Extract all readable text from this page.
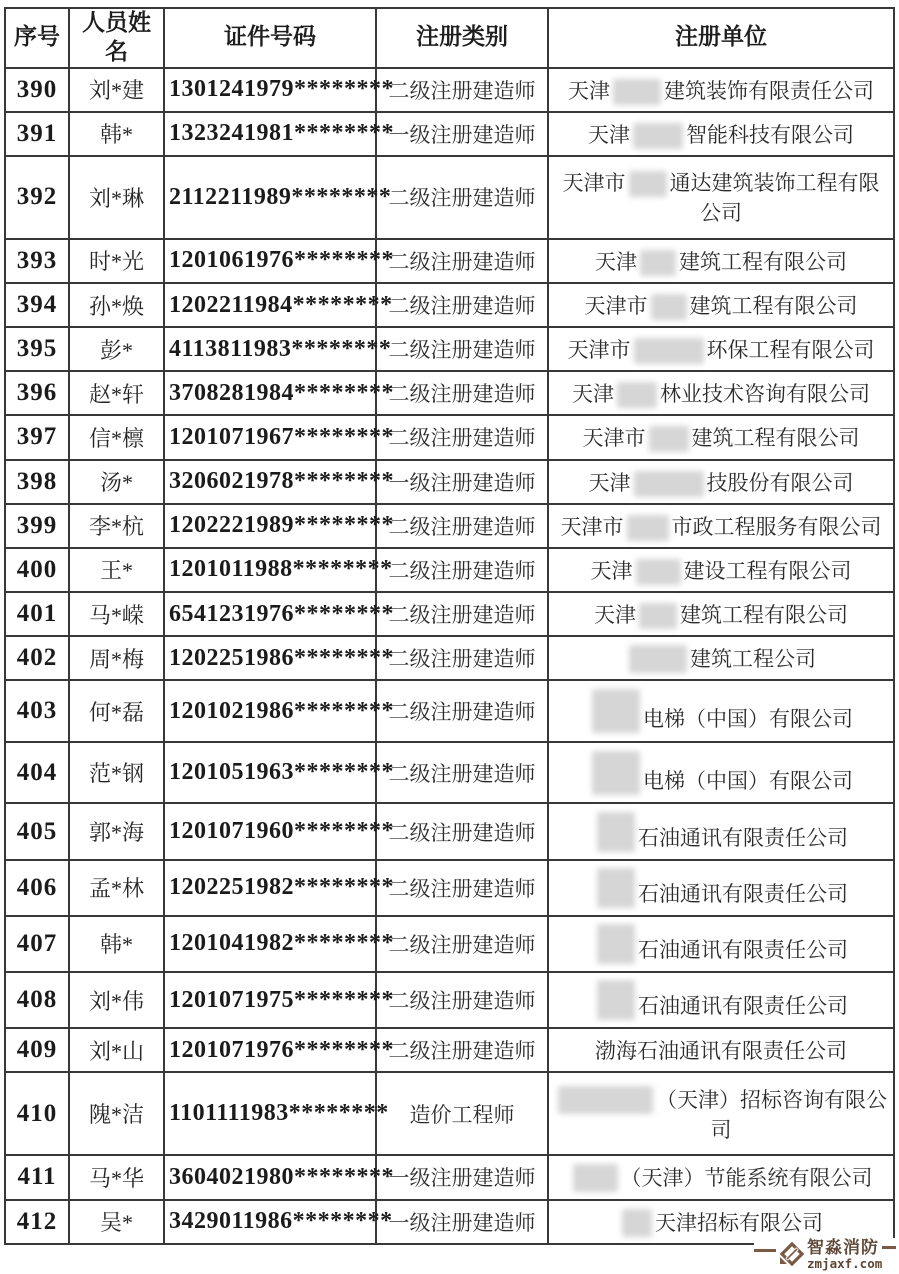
序号	人员姓名	证件号码	注册类别	注册单位
390	刘*建	1301241979********	二级注册建造师	天津 建筑装饰有限责任公司
391	韩*	1323241981********	一级注册建造师	天津 智能科技有限公司
392	刘*琳	2112211989********	二级注册建造师	天津市 通达建筑装饰工程有限公司
393	时*光	1201061976********	二级注册建造师	天津 建筑工程有限公司
394	孙*焕	1202211984********	二级注册建造师	天津市 建筑工程有限公司
395	彭*	4113811983********	二级注册建造师	天津市 环保工程有限公司
396	赵*轩	3708281984********	二级注册建造师	天津 林业技术咨询有限公司
397	信*檩	1201071967********	二级注册建造师	天津市 建筑工程有限公司
398	汤*	3206021978********	一级注册建造师	天津 技股份有限公司
399	李*杭	1202221989********	二级注册建造师	天津市 市政工程服务有限公司
400	王*	1201011988********	二级注册建造师	天津 建设工程有限公司
401	马*嵘	6541231976********	二级注册建造师	天津 建筑工程有限公司
402	周*梅	1202251986********	二级注册建造师	建筑工程公司
403	何*磊	1201021986********	二级注册建造师	电梯（中国）有限公司
404	范*钢	1201051963********	二级注册建造师	电梯（中国）有限公司
405	郭*海	1201071960********	二级注册建造师	石油通讯有限责任公司
406	孟*林	1202251982********	二级注册建造师	石油通讯有限责任公司
407	韩*	1201041982********	二级注册建造师	石油通讯有限责任公司
408	刘*伟	1201071975********	二级注册建造师	石油通讯有限责任公司
409	刘*山	1201071976********	二级注册建造师	渤海石油通讯有限责任公司
410	隗*洁	1101111983********	造价工程师	（天津）招标咨询有限公司
411	马*华	3604021980********	一级注册建造师	（天津）节能系统有限公司
412	吴*	3429011986********	一级注册建造师	天津招标有限公司
智淼消防
zmjaxf.com
